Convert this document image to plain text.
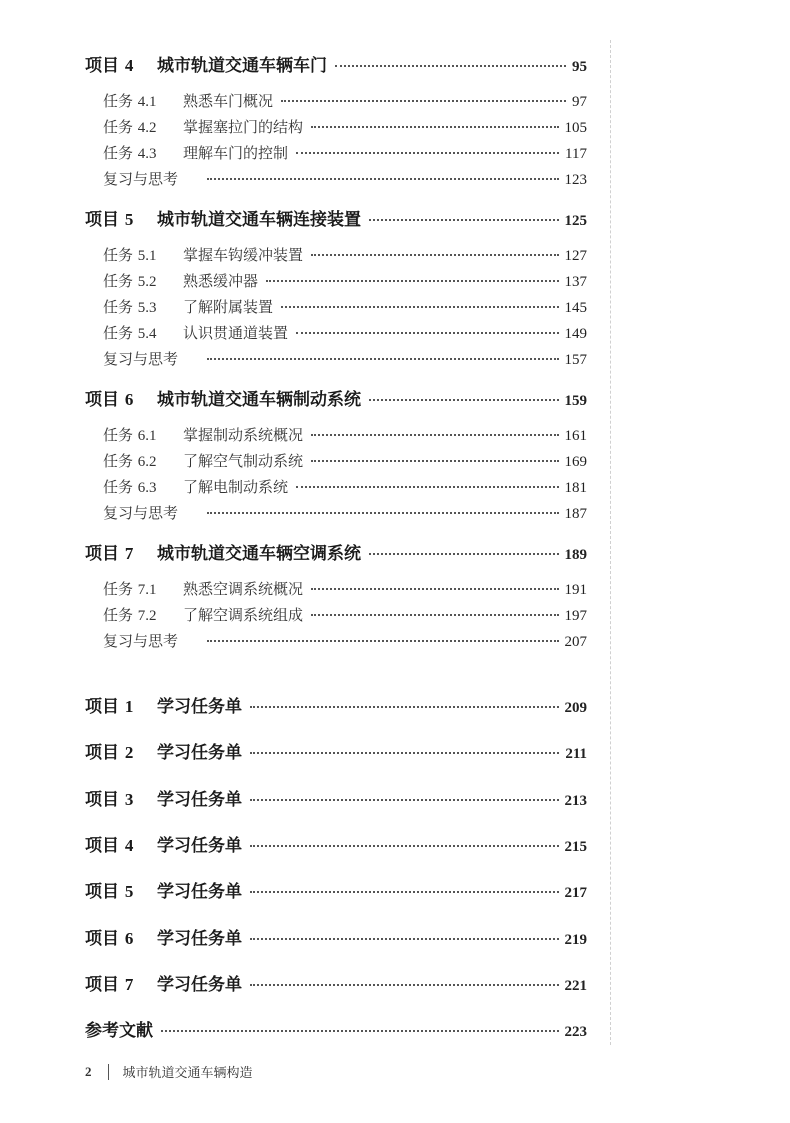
项目 4	城市轨道交通车辆车门	95
任务 4.1	熟悉车门概况	97
任务 4.2	掌握塞拉门的结构	105
任务 4.3	理解车门的控制	117
复习与思考	123
项目 5	城市轨道交通车辆连接装置	125
任务 5.1	掌握车钩缓冲装置	127
任务 5.2	熟悉缓冲器	137
任务 5.3	了解附属装置	145
任务 5.4	认识贯通道装置	149
复习与思考	157
项目 6	城市轨道交通车辆制动系统	159
任务 6.1	掌握制动系统概况	161
任务 6.2	了解空气制动系统	169
任务 6.3	了解电制动系统	181
复习与思考	187
项目 7	城市轨道交通车辆空调系统	189
任务 7.1	熟悉空调系统概况	191
任务 7.2	了解空调系统组成	197
复习与思考	207
项目 1	学习任务单	209
项目 2	学习任务单	211
项目 3	学习任务单	213
项目 4	学习任务单	215
项目 5	学习任务单	217
项目 6	学习任务单	219
项目 7	学习任务单	221
参考文献	223
2 城市轨道交通车辆构造
